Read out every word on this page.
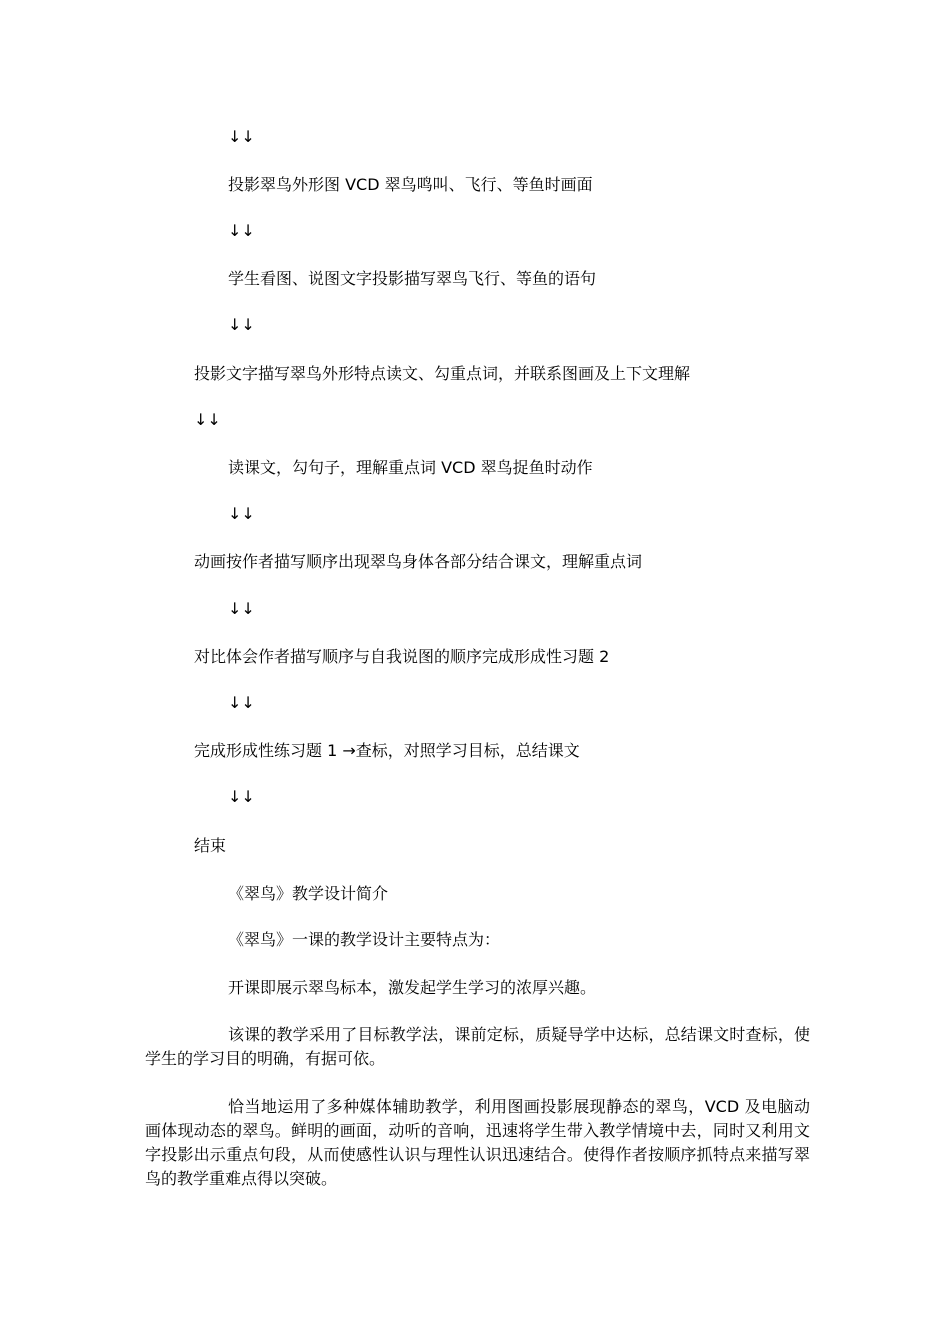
↓↓
投影翠鸟外形图 VCD 翠鸟鸣叫、飞行、等鱼时画面
↓↓
学生看图、说图文字投影描写翠鸟飞行、等鱼的语句
↓↓
投影文字描写翠鸟外形特点读文、勾重点词，并联系图画及上下文理解
↓↓
读课文，勾句子，理解重点词 VCD 翠鸟捉鱼时动作
↓↓
动画按作者描写顺序出现翠鸟身体各部分结合课文，理解重点词
↓↓
对比体会作者描写顺序与自我说图的顺序完成形成性习题 2
↓↓
完成形成性练习题 1 →查标，对照学习目标，总结课文
↓↓
结束
《翠鸟》教学设计简介
《翠鸟》一课的教学设计主要特点为：
开课即展示翠鸟标本，激发起学生学习的浓厚兴趣。
该课的教学采用了目标教学法，课前定标，质疑导学中达标，总结课文时查标，使学生的学习目的明确，有据可依。
恰当地运用了多种媒体辅助教学，利用图画投影展现静态的翠鸟，VCD 及电脑动画体现动态的翠鸟。鲜明的画面，动听的音响，迅速将学生带入教学情境中去，同时又利用文字投影出示重点句段，从而使感性认识与理性认识迅速结合。使得作者按顺序抓特点来描写翠鸟的教学重难点得以突破。
